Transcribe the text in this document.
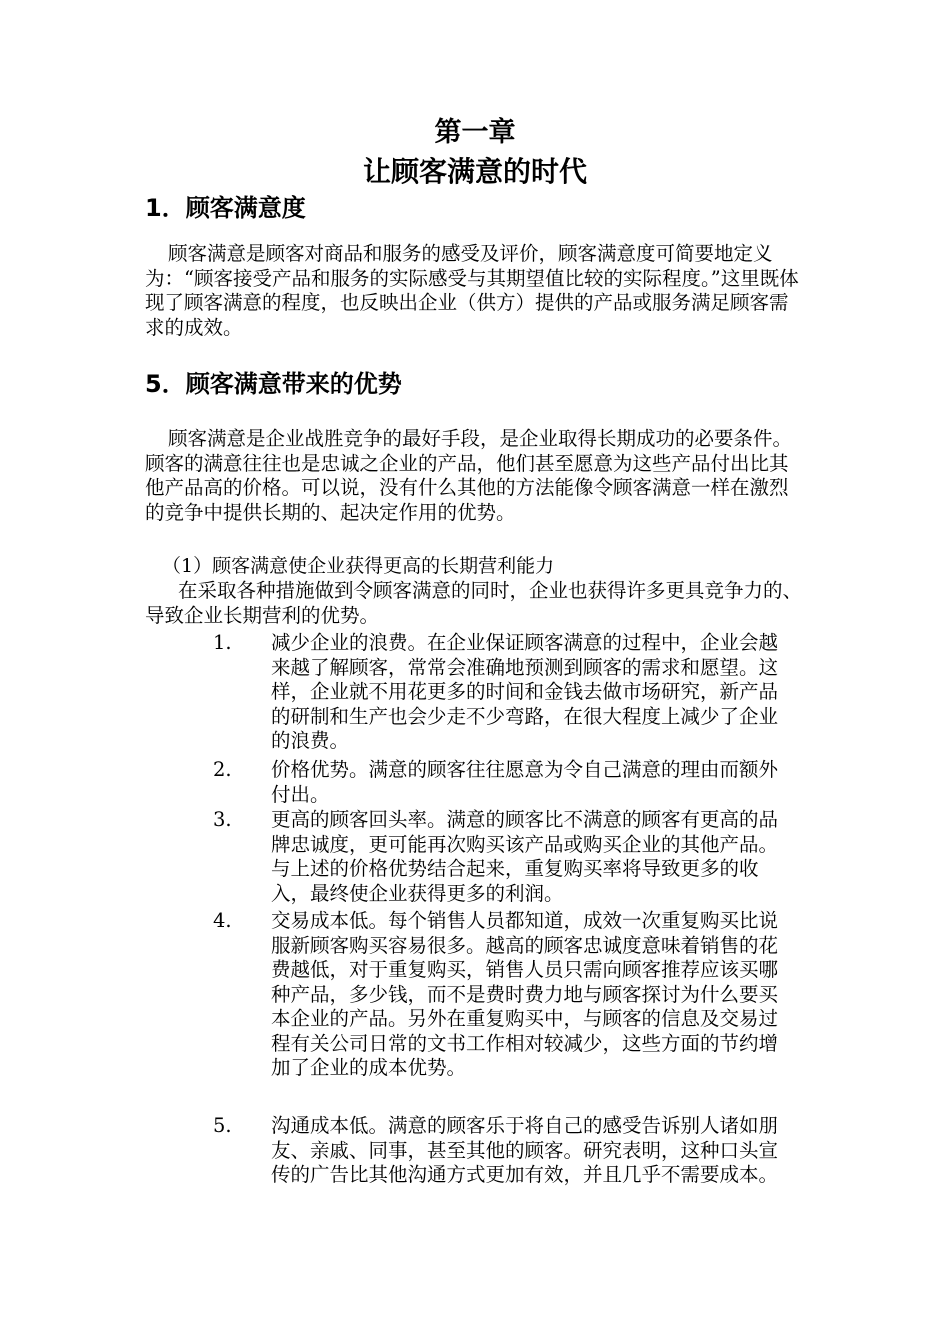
第一章
让顾客满意的时代
1．顾客满意度

顾客满意是顾客对商品和服务的感受及评价，顾客满意度可简要地定义为：“顾客接受产品和服务的实际感受与其期望值比较的实际程度。”这里既体现了顾客满意的程度，也反映出企业（供方）提供的产品或服务满足顾客需求的成效。

5．顾客满意带来的优势

顾客满意是企业战胜竞争的最好手段，是企业取得长期成功的必要条件。顾客的满意往往也是忠诚之企业的产品，他们甚至愿意为这些产品付出比其他产品高的价格。可以说，没有什么其他的方法能像令顾客满意一样在激烈的竞争中提供长期的、起决定作用的优势。

（1）顾客满意使企业获得更高的长期营利能力

在采取各种措施做到令顾客满意的同时，企业也获得许多更具竞争力的、导致企业长期营利的优势。

1.	减少企业的浪费。在企业保证顾客满意的过程中，企业会越来越了解顾客，常常会准确地预测到顾客的需求和愿望。这样，企业就不用花更多的时间和金钱去做市场研究，新产品的研制和生产也会少走不少弯路，在很大程度上减少了企业的浪费。
2.	价格优势。满意的顾客往往愿意为令自己满意的理由而额外付出。
3.	更高的顾客回头率。满意的顾客比不满意的顾客有更高的品牌忠诚度，更可能再次购买该产品或购买企业的其他产品。与上述的价格优势结合起来，重复购买率将导致更多的收入，最终使企业获得更多的利润。
4.	交易成本低。每个销售人员都知道，成效一次重复购买比说服新顾客购买容易很多。越高的顾客忠诚度意味着销售的花费越低，对于重复购买，销售人员只需向顾客推荐应该买哪种产品，多少钱，而不是费时费力地与顾客探讨为什么要买本企业的产品。另外在重复购买中，与顾客的信息及交易过程有关公司日常的文书工作相对较减少，这些方面的节约增加了企业的成本优势。
5.	沟通成本低。满意的顾客乐于将自己的感受告诉别人诸如朋友、亲戚、同事，甚至其他的顾客。研究表明，这种口头宣传的广告比其他沟通方式更加有效，并且几乎不需要成本。
